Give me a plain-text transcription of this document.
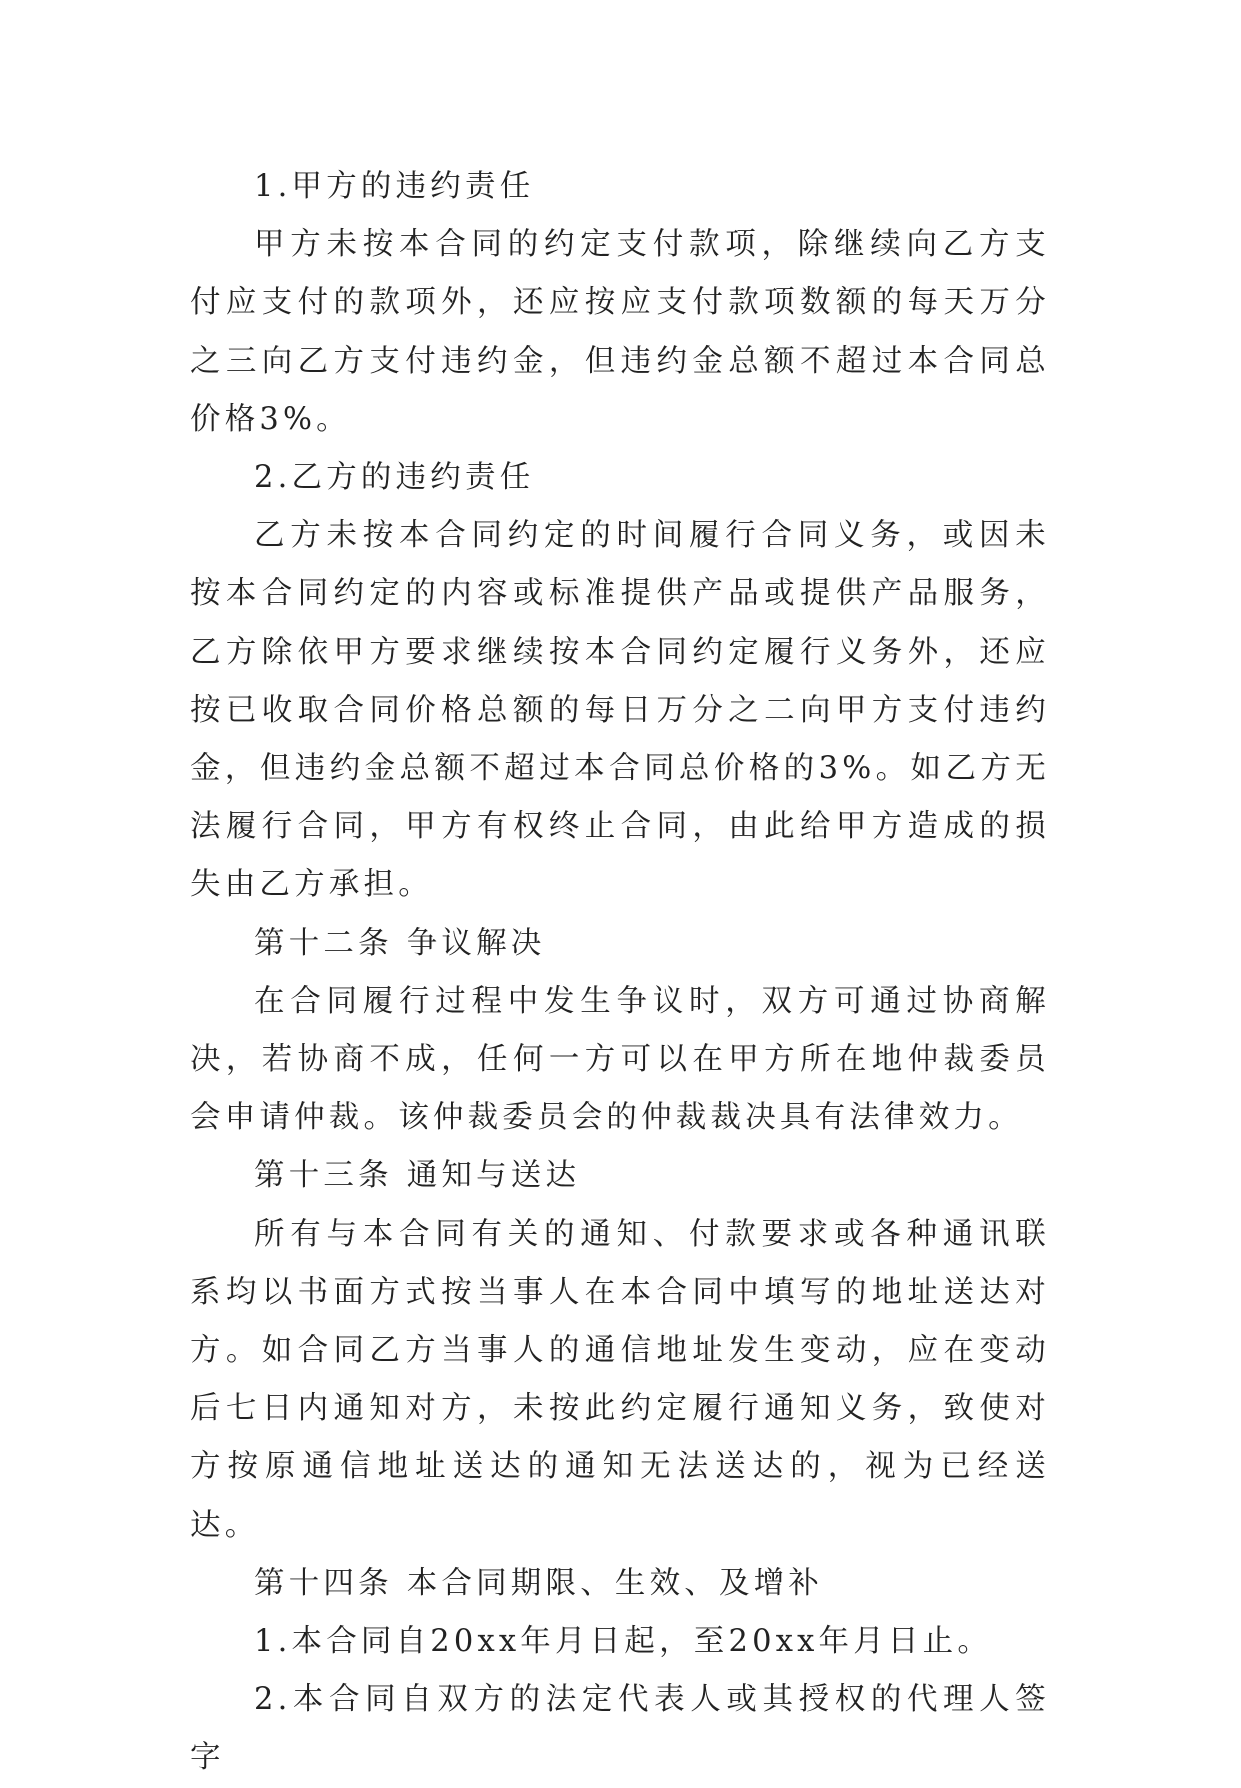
1.甲方的违约责任

甲方未按本合同的约定支付款项，除继续向乙方支付应支付的款项外，还应按应支付款项数额的每天万分之三向乙方支付违约金，但违约金总额不超过本合同总价格3%。

2.乙方的违约责任

乙方未按本合同约定的时间履行合同义务，或因未按本合同约定的内容或标准提供产品或提供产品服务，乙方除依甲方要求继续按本合同约定履行义务外，还应按已收取合同价格总额的每日万分之二向甲方支付违约金，但违约金总额不超过本合同总价格的3%。如乙方无法履行合同，甲方有权终止合同，由此给甲方造成的损失由乙方承担。

第十二条 争议解决

在合同履行过程中发生争议时，双方可通过协商解决，若协商不成，任何一方可以在甲方所在地仲裁委员会申请仲裁。该仲裁委员会的仲裁裁决具有法律效力。

第十三条 通知与送达

所有与本合同有关的通知、付款要求或各种通讯联系均以书面方式按当事人在本合同中填写的地址送达对方。如合同乙方当事人的通信地址发生变动，应在变动后七日内通知对方，未按此约定履行通知义务，致使对方按原通信地址送达的通知无法送达的，视为已经送达。

第十四条 本合同期限、生效、及增补

1.本合同自20xx年月日起，至20xx年月日止。

2.本合同自双方的法定代表人或其授权的代理人签字
